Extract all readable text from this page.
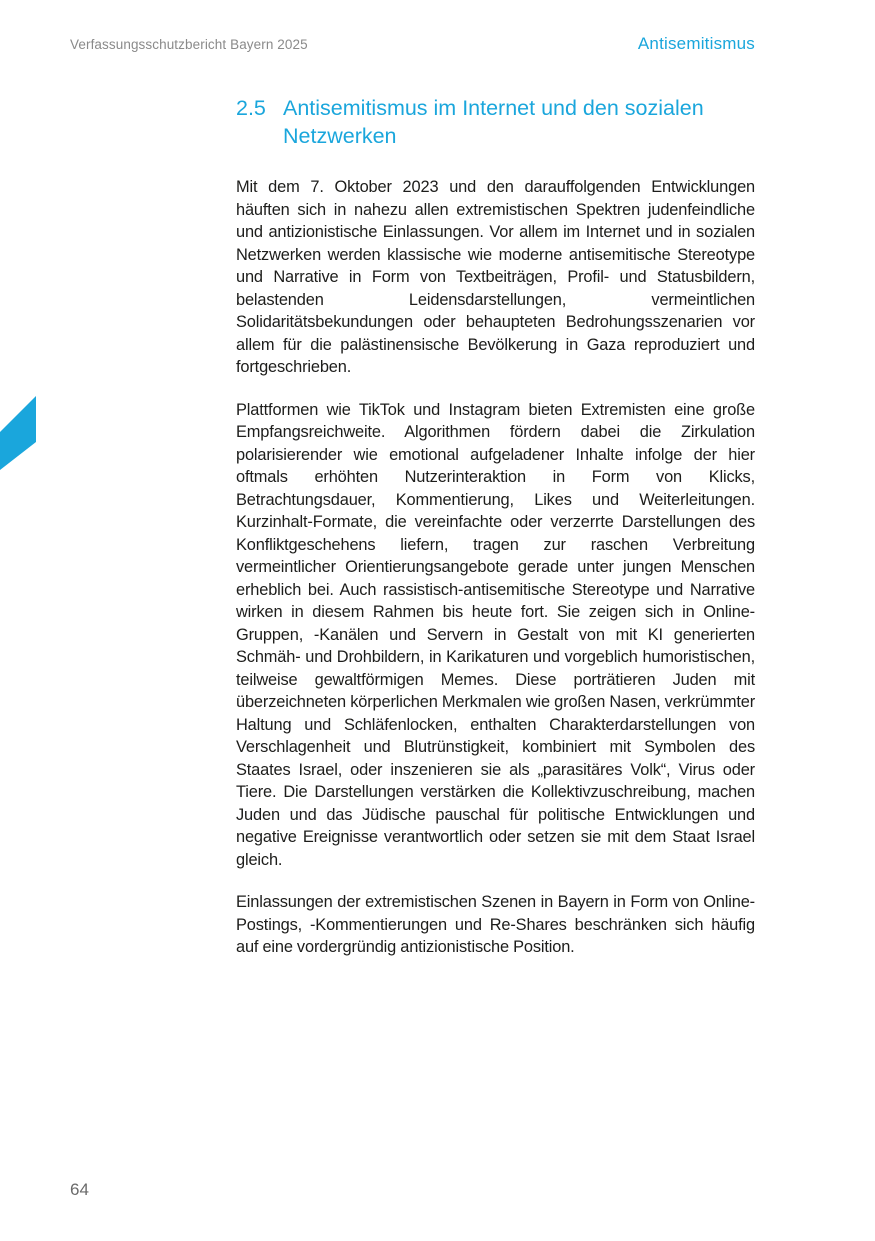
Verfassungsschutzbericht Bayern 2025	Antisemitismus
2.5 Antisemitismus im Internet und den sozialen Netzwerken

Mit dem 7. Oktober 2023 und den darauffolgenden Entwicklungen häuften sich in nahezu allen extremistischen Spektren judenfeindliche und antizionistische Einlassungen. Vor allem im Internet und in sozialen Netzwerken werden klassische wie moderne antisemitische Stereotype und Narrative in Form von Textbeiträgen, Profil- und Statusbildern, belastenden Leidensdarstellungen, vermeintlichen Solidaritätsbekundungen oder behaupteten Bedrohungsszenarien vor allem für die palästinensische Bevölkerung in Gaza reproduziert und fortgeschrieben.

Plattformen wie TikTok und Instagram bieten Extremisten eine große Empfangsreichweite. Algorithmen fördern dabei die Zirkulation polarisierender wie emotional aufgeladener Inhalte infolge der hier oftmals erhöhten Nutzerinteraktion in Form von Klicks, Betrachtungsdauer, Kommentierung, Likes und Weiterleitungen. Kurzinhalt-Formate, die vereinfachte oder verzerrte Darstellungen des Konfliktgeschehens liefern, tragen zur raschen Verbreitung vermeintlicher Orientierungsangebote gerade unter jungen Menschen erheblich bei. Auch rassistisch-antisemitische Stereotype und Narrative wirken in diesem Rahmen bis heute fort. Sie zeigen sich in Online-Gruppen, -Kanälen und Servern in Gestalt von mit KI generierten Schmäh- und Drohbildern, in Karikaturen und vorgeblich humoristischen, teilweise gewaltförmigen Memes. Diese porträtieren Juden mit überzeichneten körperlichen Merkmalen wie großen Nasen, verkrümmter Haltung und Schläfenlocken, enthalten Charakterdarstellungen von Verschlagenheit und Blutrünstigkeit, kombiniert mit Symbolen des Staates Israel, oder inszenieren sie als „parasitäres Volk“, Virus oder Tiere. Die Darstellungen verstärken die Kollektivzuschreibung, machen Juden und das Jüdische pauschal für politische Entwicklungen und negative Ereignisse verantwortlich oder setzen sie mit dem Staat Israel gleich.

Einlassungen der extremistischen Szenen in Bayern in Form von Online-Postings, -Kommentierungen und Re-Shares beschränken sich häufig auf eine vordergründig antizionistische Position.

64
